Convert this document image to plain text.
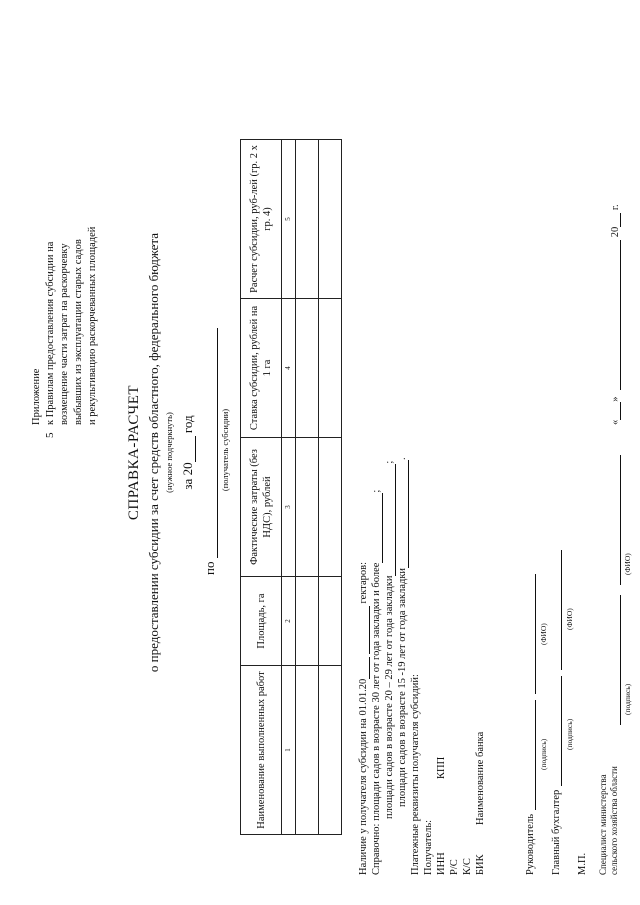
5
Приложение к Правилам предоставления субсидии на возмещение части затрат на раскорчевку выбывших из эксплуатации старых садов и рекультивацию раскорчеванных площадей
СПРАВКА-РАСЧЕТ о предоставлении субсидии за счет средств областного, федерального бюджета (нужное подчеркнуть) за 20 год
по
(получатель субсидии)
Наименование выполненных работ	Площадь, га	Фактические затраты (без НДС), рублей	Ставка субсидии, рублей на 1 га	Расчет субсидии, руб-лей (гр. 2 x гр. 4)
1	2	3	4	5

Наличие у получателя субсидии на 01.01.20  гектаров: Справочно: площади садов в возрасте 30 лет от года закладки и более;
площади садов в возрасте 20 – 29 лет от года закладки;
площади садов в возрасте 15 -19 лет от года закладки.
Платежные реквизиты получателя субсидий: Получатель: ИННКПП
Р/С К/С БИКНаименование банка
Руководитель
(подпись)
(ФИО)
Главный бухгалтер
(подпись)
(ФИО)
М.П. Специалист министерства сельского хозяйства области
(подпись)
(ФИО)
«»  20 г.
